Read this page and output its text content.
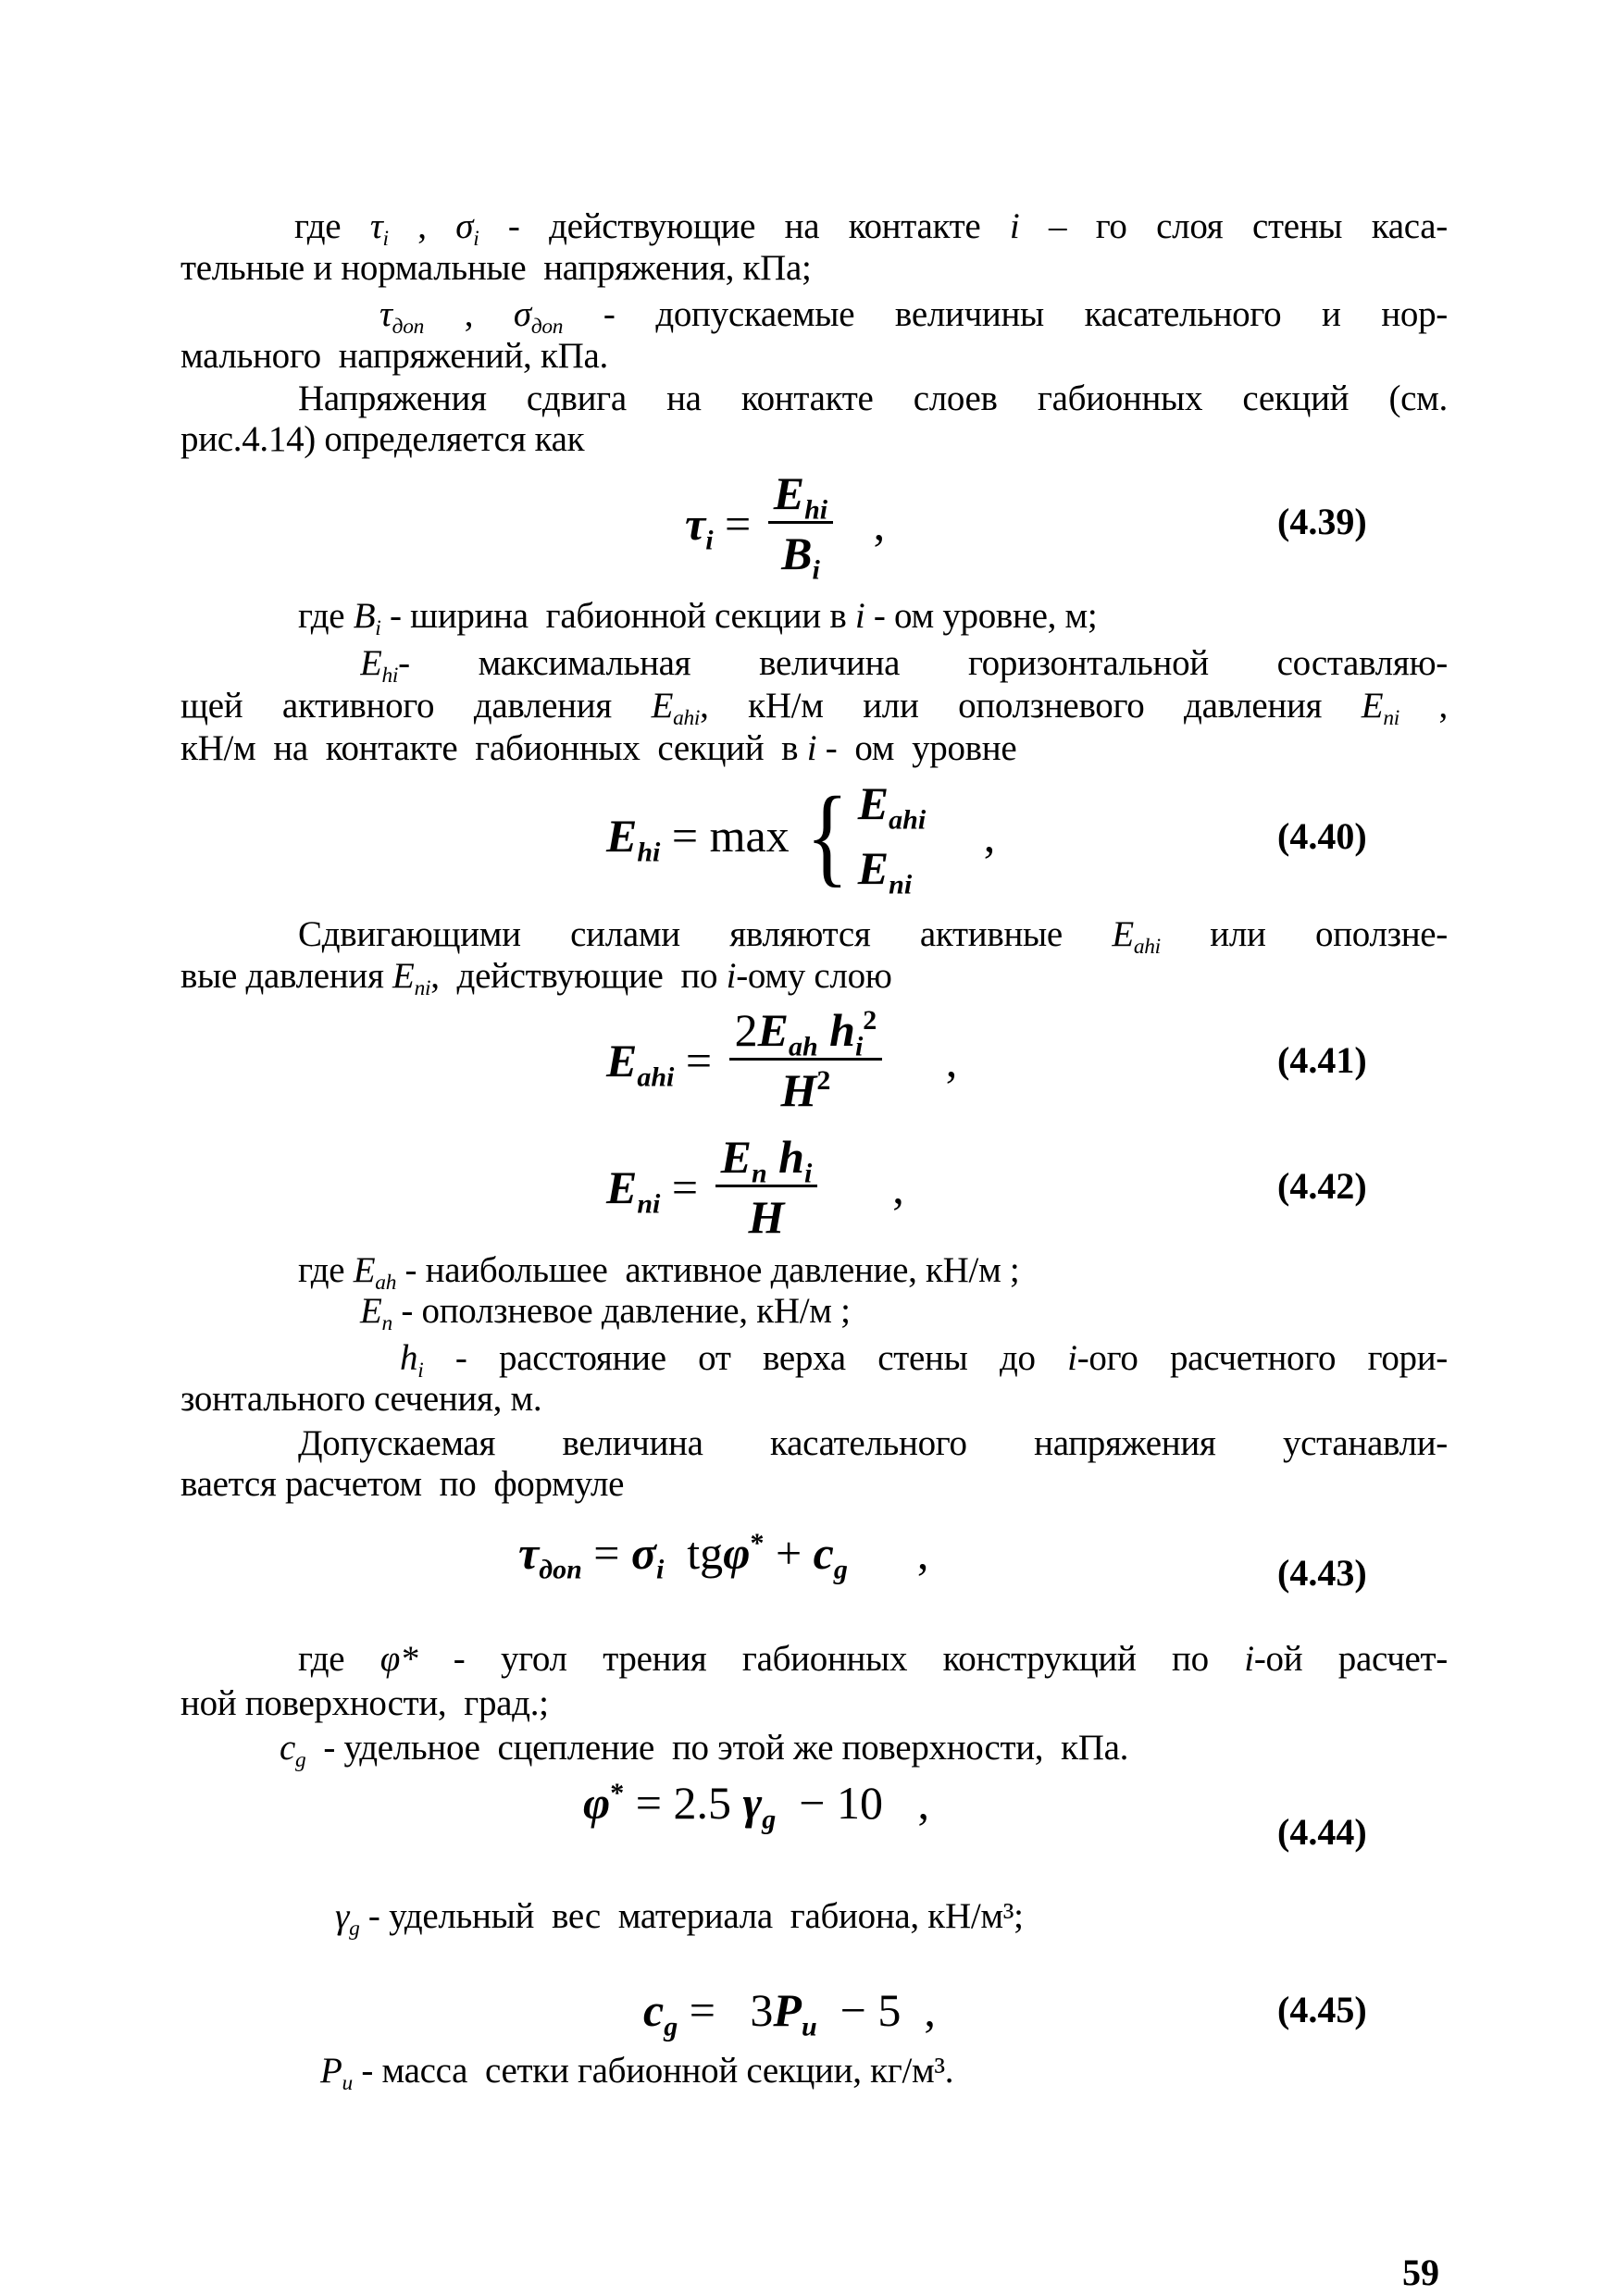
где $\tau_i$ , $\sigma_i$ - действующие на контакте i – го слоя стены каса-
тельные и нормальные  напряжения, кПа;
$\tau_{доп}$ , $\sigma_{доп}$ - допускаемые величины касательного и нор-
мального  напряжений, кПа.
Напряжения сдвига на контакте слоев габионных секций (см.
рис.4.14) определяется как
$\tau_i = \frac{E_{hi}}{B_i}$ ,	(4.39)
где $B_i$ - ширина  габионной секции в i - ом уровне, м;
$E_{hi}-$ максимальная величина горизонтальной составляю-
щей активного давления $E_{ahi}$, кН/м или оползневого давления $E_{ni}$ ,
кН/м  на  контакте  габионных  секций  в i -  ом  уровне
$E_{hi} = \max$ { $E_{ahi}$
$E_{ni}$
,	(4.40)
Сдвигающими силами являются активные $E_{ahi}$ или оползне-
вые давления $E_{ni}$,  действующие  по i-ому слою
$E_{ahi} = \frac{2E_{ah} h_i^2}{H^2}$ ,	(4.41)
$E_{ni} = \frac{E_n h_i}{H}$ ,	(4.42)
где $E_{ah}$ - наибольшее  активное давление, кН/м ;
$E_n$ - оползневое давление, кН/м ;
$h_i$ - расстояние от верха стены до i-ого расчетного гори-
зонтального сечения, м.
Допускаемая величина касательного напряжения устанавли-
вается расчетом  по  формуле
$\tau_{доп} = \sigma_i$ tg $\varphi^* + c_g$ ,	(4.43)
где φ* - угол трения габионных конструкций по i-ой расчет-
ной поверхности,  град.;
$c_g$  - удельное  сцепление  по этой же поверхности,  кПа.
φ* = 2.5 $\gamma_g - 10$   ,
(4.44)
$\gamma_g$ - удельный  вес  материала  габиона, кН/м³;
$c_g = 3$ $P_u - 5$  ,	(4.45)
$P_u$ - масса  сетки габионной секции, кг/м³.
59
